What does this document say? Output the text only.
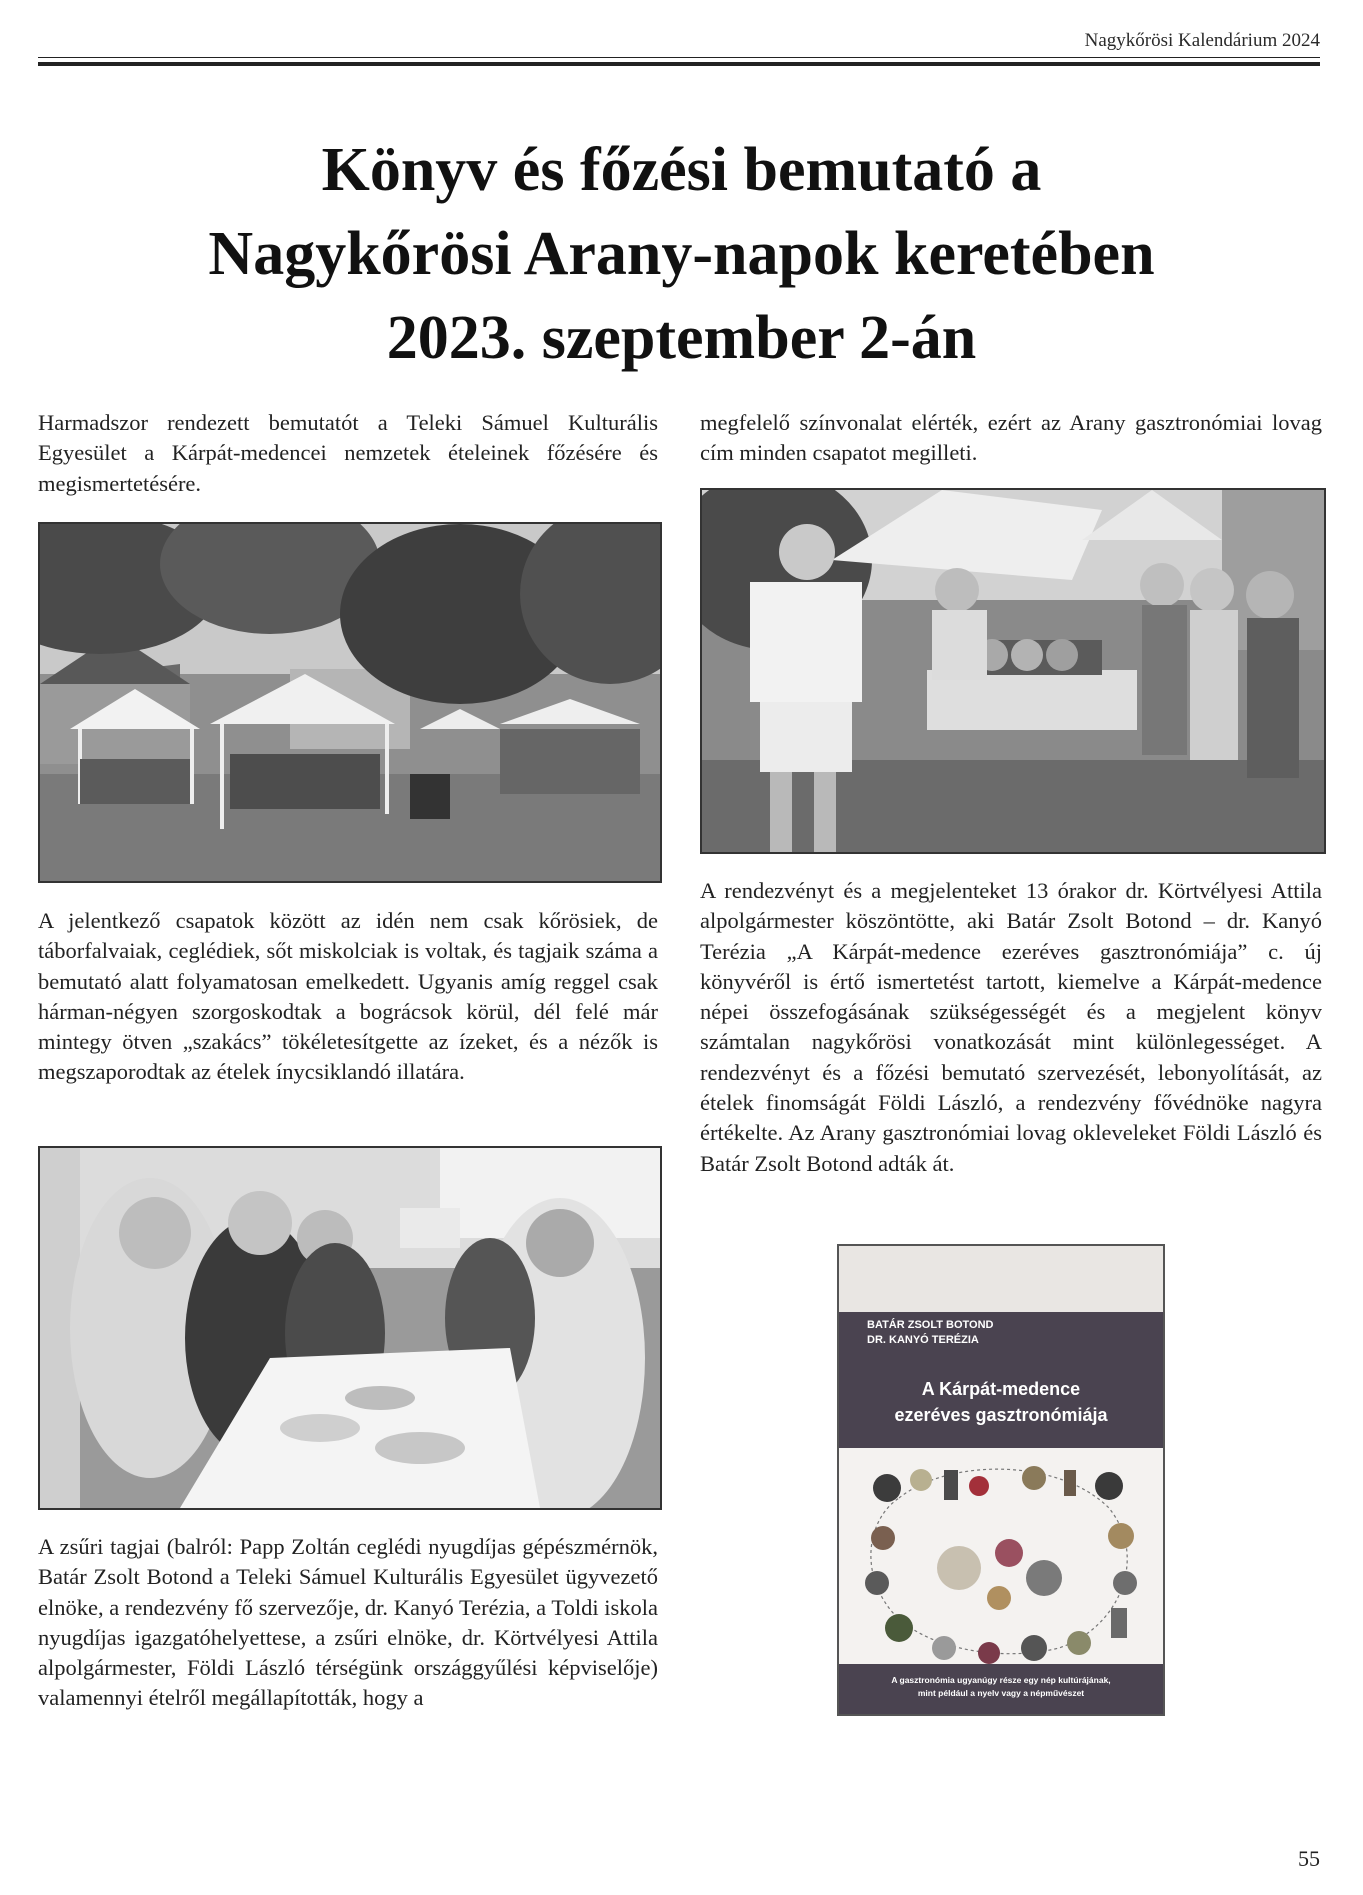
Nagykőrösi Kalendárium 2024
Könyv és főzési bemutató a
Nagykőrösi Arany-napok keretében
2023. szeptember 2-án

Harmadszor rendezett bemutatót a Teleki Sámuel Kulturális Egyesület a Kárpát-medencei nemzetek ételeinek főzésére és megismertetésére.

A jelentkező csapatok között az idén nem csak kőrösiek, de táborfalvaiak, ceglédiek, sőt miskolciak is voltak, és tagjaik száma a bemutató alatt folyamatosan emelkedett. Ugyanis amíg reggel csak hárman-négyen szorgoskodtak a bográcsok körül, dél felé már mintegy ötven „szakács” tökéletesítgette az ízeket, és a nézők is megszaporodtak az ételek ínycsiklandó illatára.

A zsűri tagjai (balról: Papp Zoltán ceglédi nyugdíjas gépészmérnök, Batár Zsolt Botond a Teleki Sámuel Kulturális Egyesület ügyvezető elnöke, a rendezvény fő szervezője, dr. Kanyó Terézia, a Toldi iskola nyugdíjas igazgatóhelyettese, a zsűri elnöke, dr. Körtvélyesi Attila alpolgármester, Földi László térségünk országgyűlési képviselője) valamennyi ételről megállapították, hogy a

megfelelő színvonalat elérték, ezért az Arany gasztronómiai lovag cím minden csapatot megilleti.

A rendezvényt és a megjelenteket 13 órakor dr. Körtvélyesi Attila alpolgármester köszöntötte, aki Batár Zsolt Botond – dr. Kanyó Terézia „A Kárpát-medence ezeréves gasztronómiája” c. új könyvéről is értő ismertetést tartott, kiemelve a Kárpát-medence népei összefogásának szükségességét és a megjelent könyv számtalan nagykőrösi vonatkozását mint különlegességet. A rendezvényt és a főzési bemutató szervezését, lebonyolítását, az ételek finomságát Földi László, a rendezvény fővédnöke nagyra értékelte. Az Arany gasztronómiai lovag okleveleket Földi László és Batár Zsolt Botond adták át.

BATÁR ZSOLT BOTOND
DR. KANYÓ TERÉZIA
A Kárpát-medence
ezeréves gasztronómiája
A gasztronómia ugyanúgy része egy nép kultúrájának,
mint például a nyelv vagy a népművészet
55
